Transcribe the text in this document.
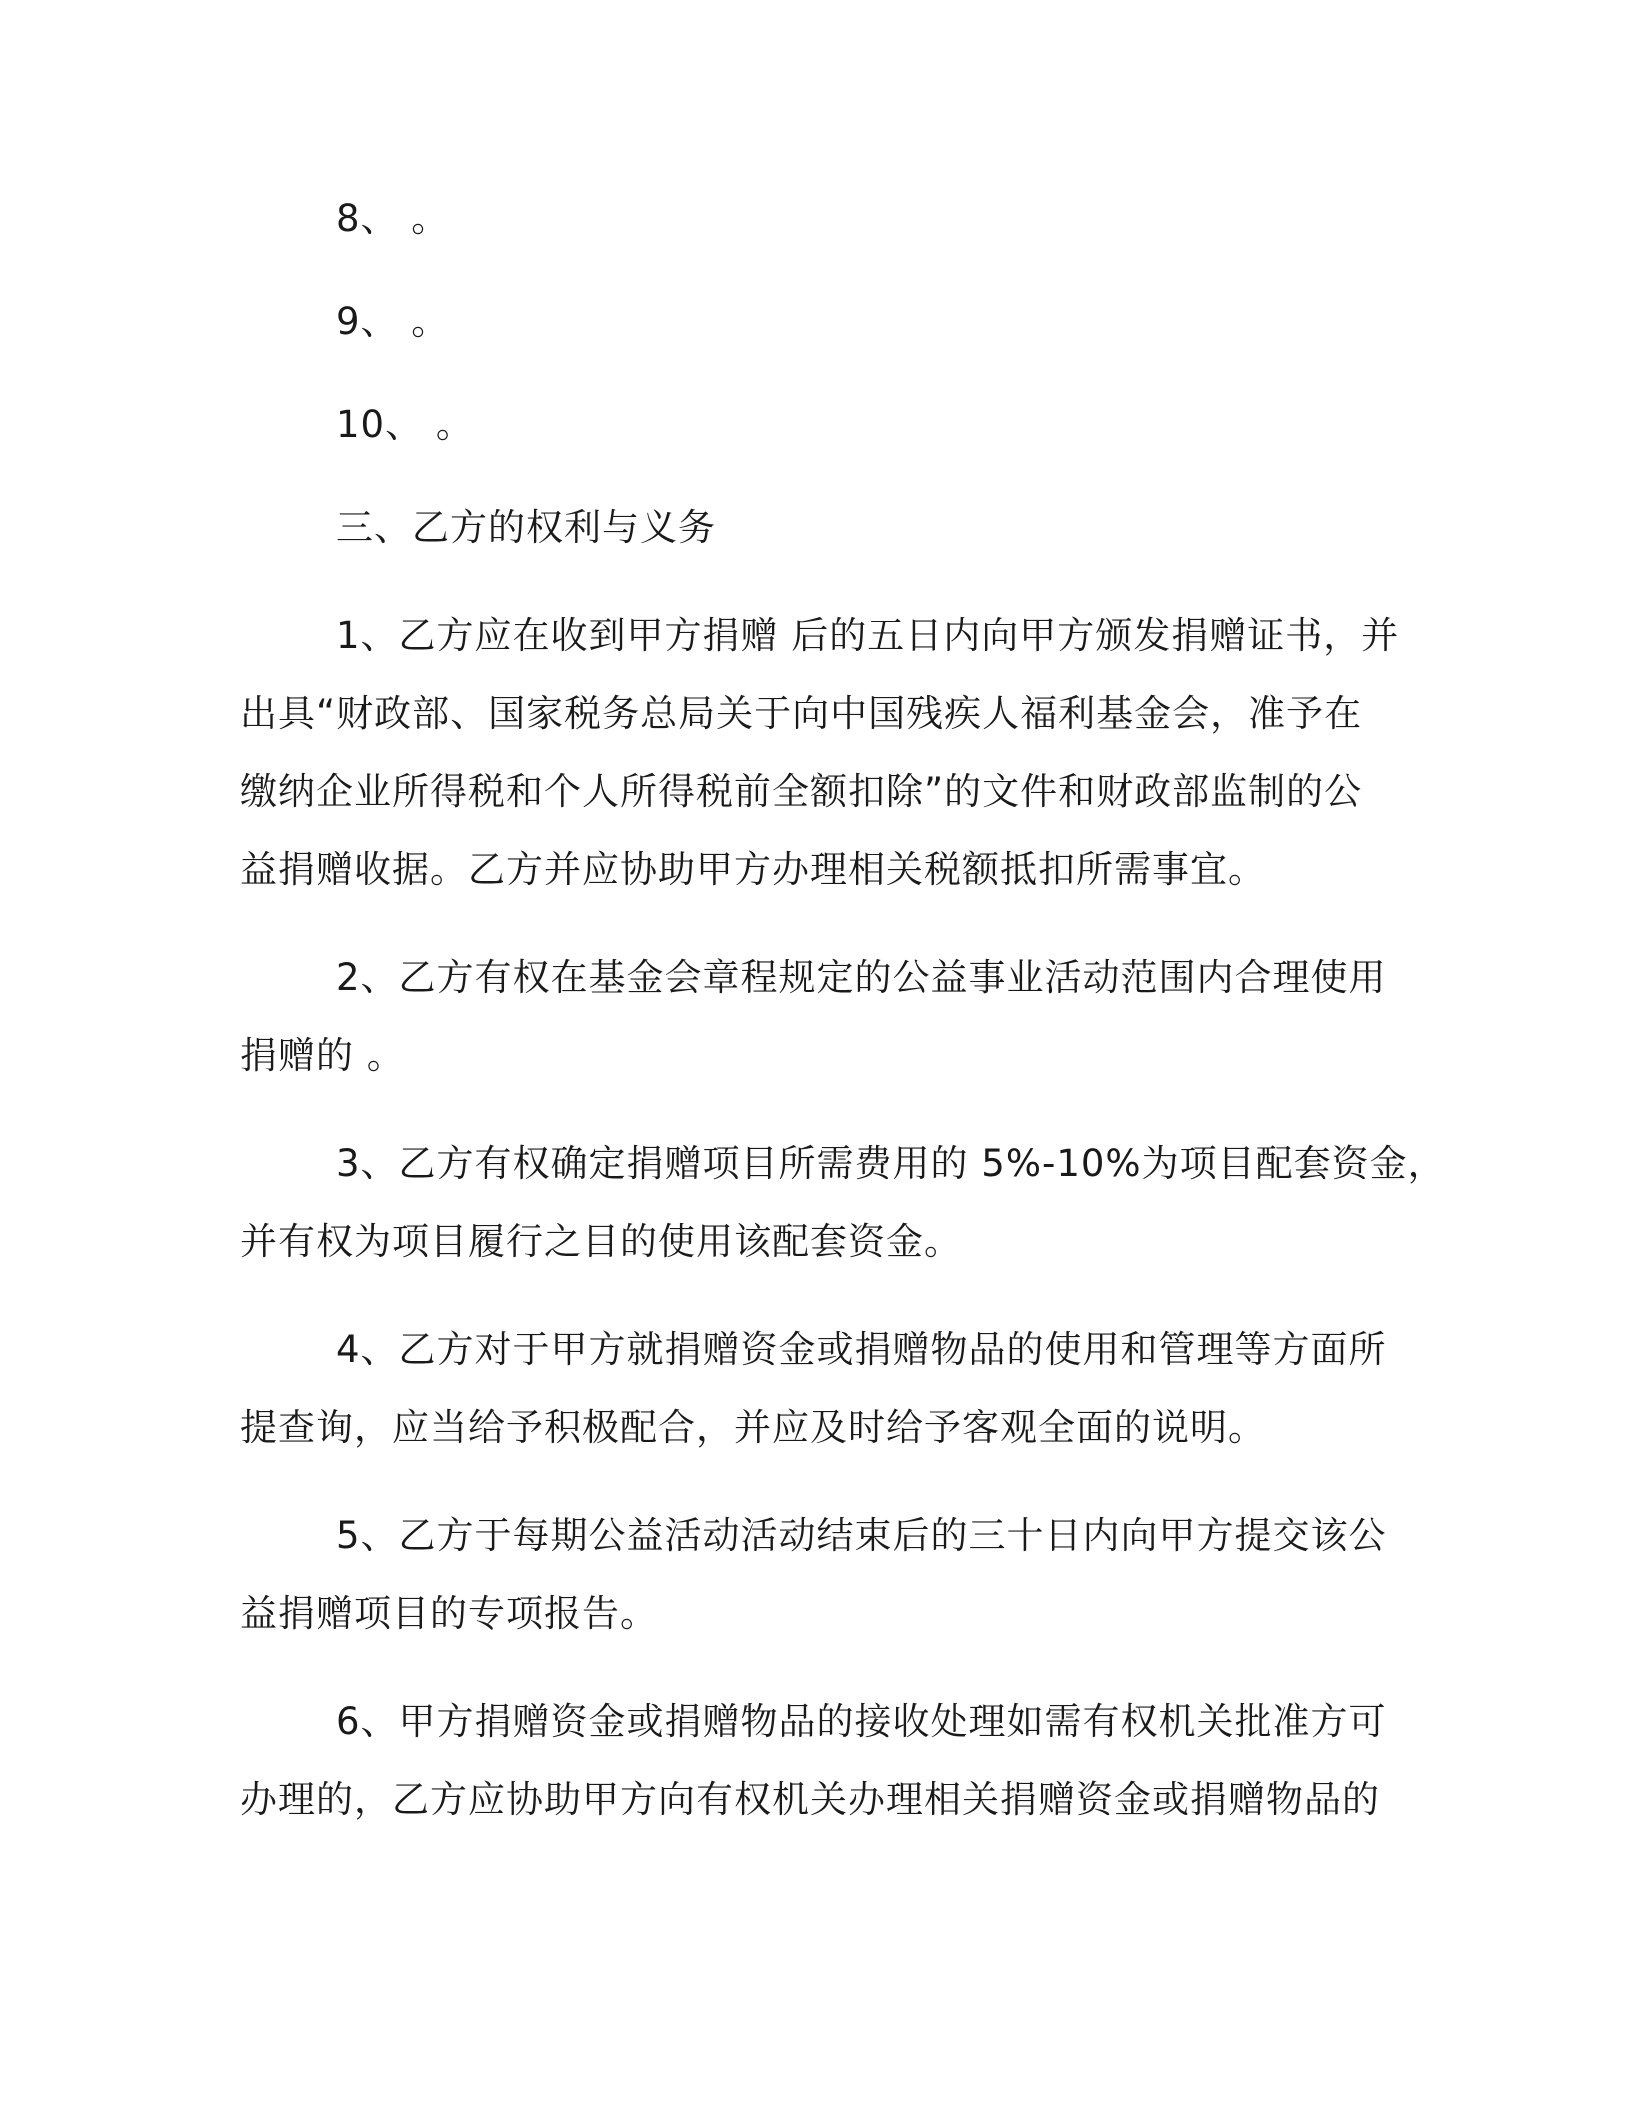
8、 。

9、 。

10、 。

三、乙方的权利与义务

1、乙方应在收到甲方捐赠 后的五日内向甲方颁发捐赠证书，并

出具“财政部、国家税务总局关于向中国残疾人福利基金会，准予在

缴纳企业所得税和个人所得税前全额扣除”的文件和财政部监制的公

益捐赠收据。乙方并应协助甲方办理相关税额抵扣所需事宜。

2、乙方有权在基金会章程规定的公益事业活动范围内合理使用

捐赠的 。

3、乙方有权确定捐赠项目所需费用的 5%-10%为项目配套资金，

并有权为项目履行之目的使用该配套资金。

4、乙方对于甲方就捐赠资金或捐赠物品的使用和管理等方面所

提查询，应当给予积极配合，并应及时给予客观全面的说明。

5、乙方于每期公益活动活动结束后的三十日内向甲方提交该公

益捐赠项目的专项报告。

6、甲方捐赠资金或捐赠物品的接收处理如需有权机关批准方可

办理的，乙方应协助甲方向有权机关办理相关捐赠资金或捐赠物品的
